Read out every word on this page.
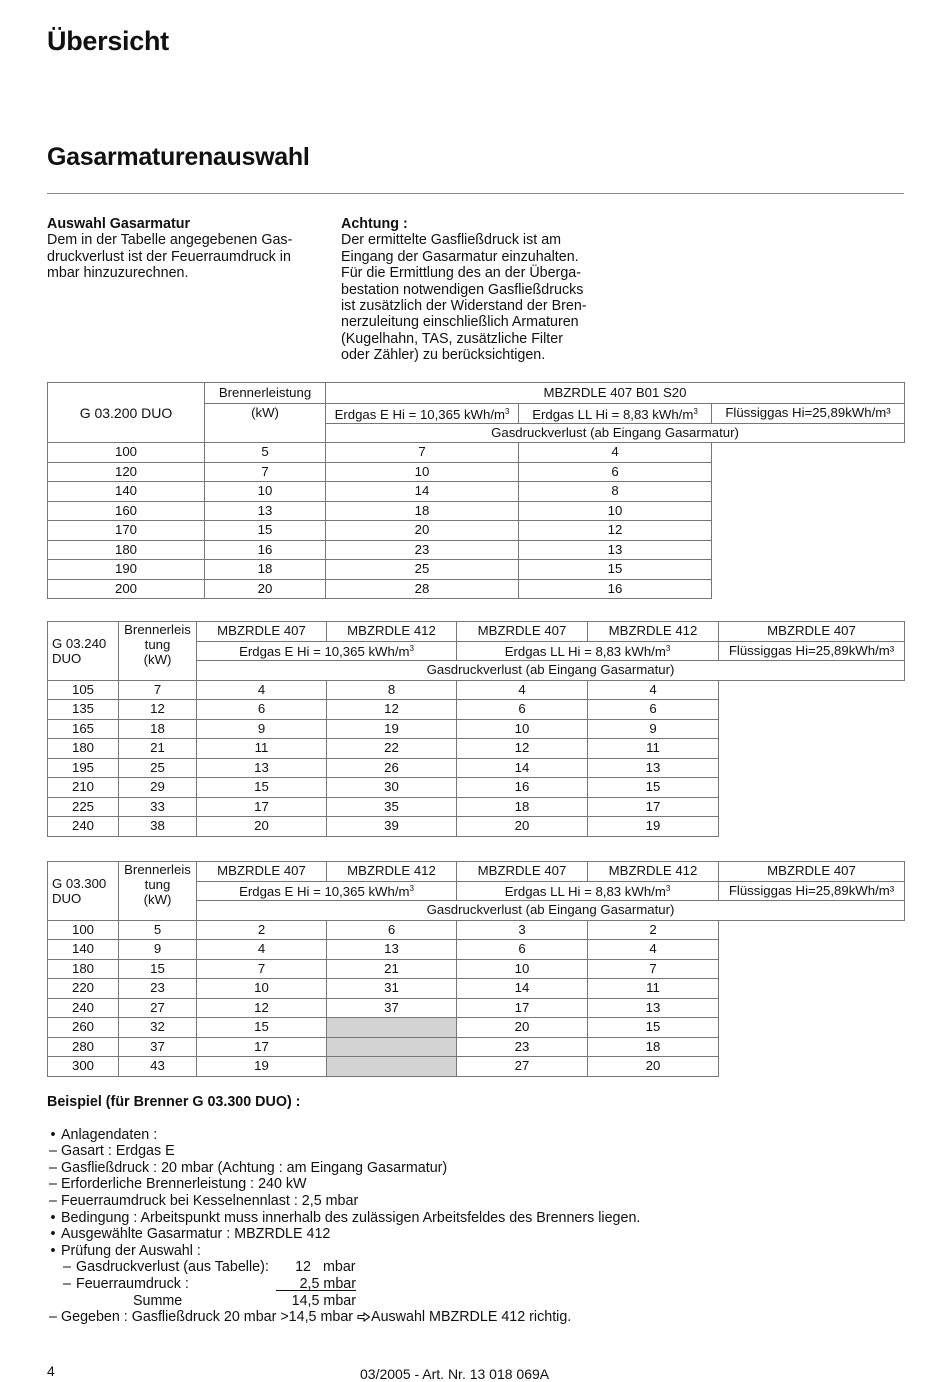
Übersicht
Gasarmaturenauswahl

Auswahl Gasarmatur

Dem in der Tabelle angegebenen Gas-

druckverlust ist der Feuerraumdruck in

mbar hinzuzurechnen.

Achtung :

Der ermittelte Gasfließdruck ist am

Eingang der Gasarmatur einzuhalten.

Für die Ermittlung des an der Überga-

bestation notwendigen Gasfließdrucks

ist zusätzlich der Widerstand der Bren-

nerzuleitung einschließlich Armaturen

(Kugelhahn, TAS, zusätzliche Filter

oder Zähler) zu berücksichtigen.

G 03.200 DUO	Brennerleistung	MBZRDLE 407 B01 S20		
	(kW)	Erdgas E Hi = 10,365 kWh/$m^3$	Erdgas LL Hi = 8,83 kWh/$m^3$	Flüssiggas Hi=25,89kWh/m³
		Gasdruckverlust (ab Eingang Gasarmatur)		
100	5	7	4	
120	7	10	6	
140	10	14	8	
160	13	18	10	
170	15	20	12	
180	16	23	13	
190	18	25	15	
200	20	28	16	
G 03.240
DUO	Brennerleis
tung
(kW)	MBZRDLE 407	MBZRDLE 412	MBZRDLE 407	MBZRDLE 412	MBZRDLE 407
		Erdgas E Hi = 10,365 kWh/$m^3$		Erdgas LL Hi = 8,83 kWh/$m^3$		Flüssiggas Hi=25,89kWh/m³
		Gasdruckverlust (ab Eingang Gasarmatur)				
105	7	4	8	4	4	
135	12	6	12	6	6	
165	18	9	19	10	9	
180	21	11	22	12	11	
195	25	13	26	14	13	
210	29	15	30	16	15	
225	33	17	35	18	17	
240	38	20	39	20	19	
G 03.300
DUO	Brennerleis
tung
(kW)	MBZRDLE 407	MBZRDLE 412	MBZRDLE 407	MBZRDLE 412	MBZRDLE 407
		Erdgas E Hi = 10,365 kWh/$m^3$		Erdgas LL Hi = 8,83 kWh/$m^3$		Flüssiggas Hi=25,89kWh/m³
		Gasdruckverlust (ab Eingang Gasarmatur)				
100	5	2	6	3	2	
140	9	4	13	6	4	
180	15	7	21	10	7	
220	23	10	31	14	11	
240	27	12	37	17	13	
260	32	15		20	15	
280	37	17		23	18	
300	43	19		27	20	

Beispiel (für Brenner G 03.300 DUO) :

• Anlagendaten :
– Gasart : Erdgas E
– Gasfließdruck : 20 mbar (Achtung : am Eingang Gasarmatur)
– Erforderliche Brennerleistung : 240 kW
– Feuerraumdruck bei Kesselnennlast : 2,5 mbar
• Bedingung : Arbeitspunkt muss innerhalb des zulässigen Arbeitsfeldes des Brenners liegen.
• Ausgewählte Gasarmatur : MBZRDLE 412
• Prüfung der Auswahl :
– Gasdruckverlust (aus Tabelle):	12 mbar
– Feuerraumdruck :	2,5 mbar
Summe	14,5 mbar
– Gegeben : Gasfließdruck 20 mbar >14,5 mbar Auswahl MBZRDLE 412 richtig.
4	03/2005 - Art. Nr. 13 018 069A
